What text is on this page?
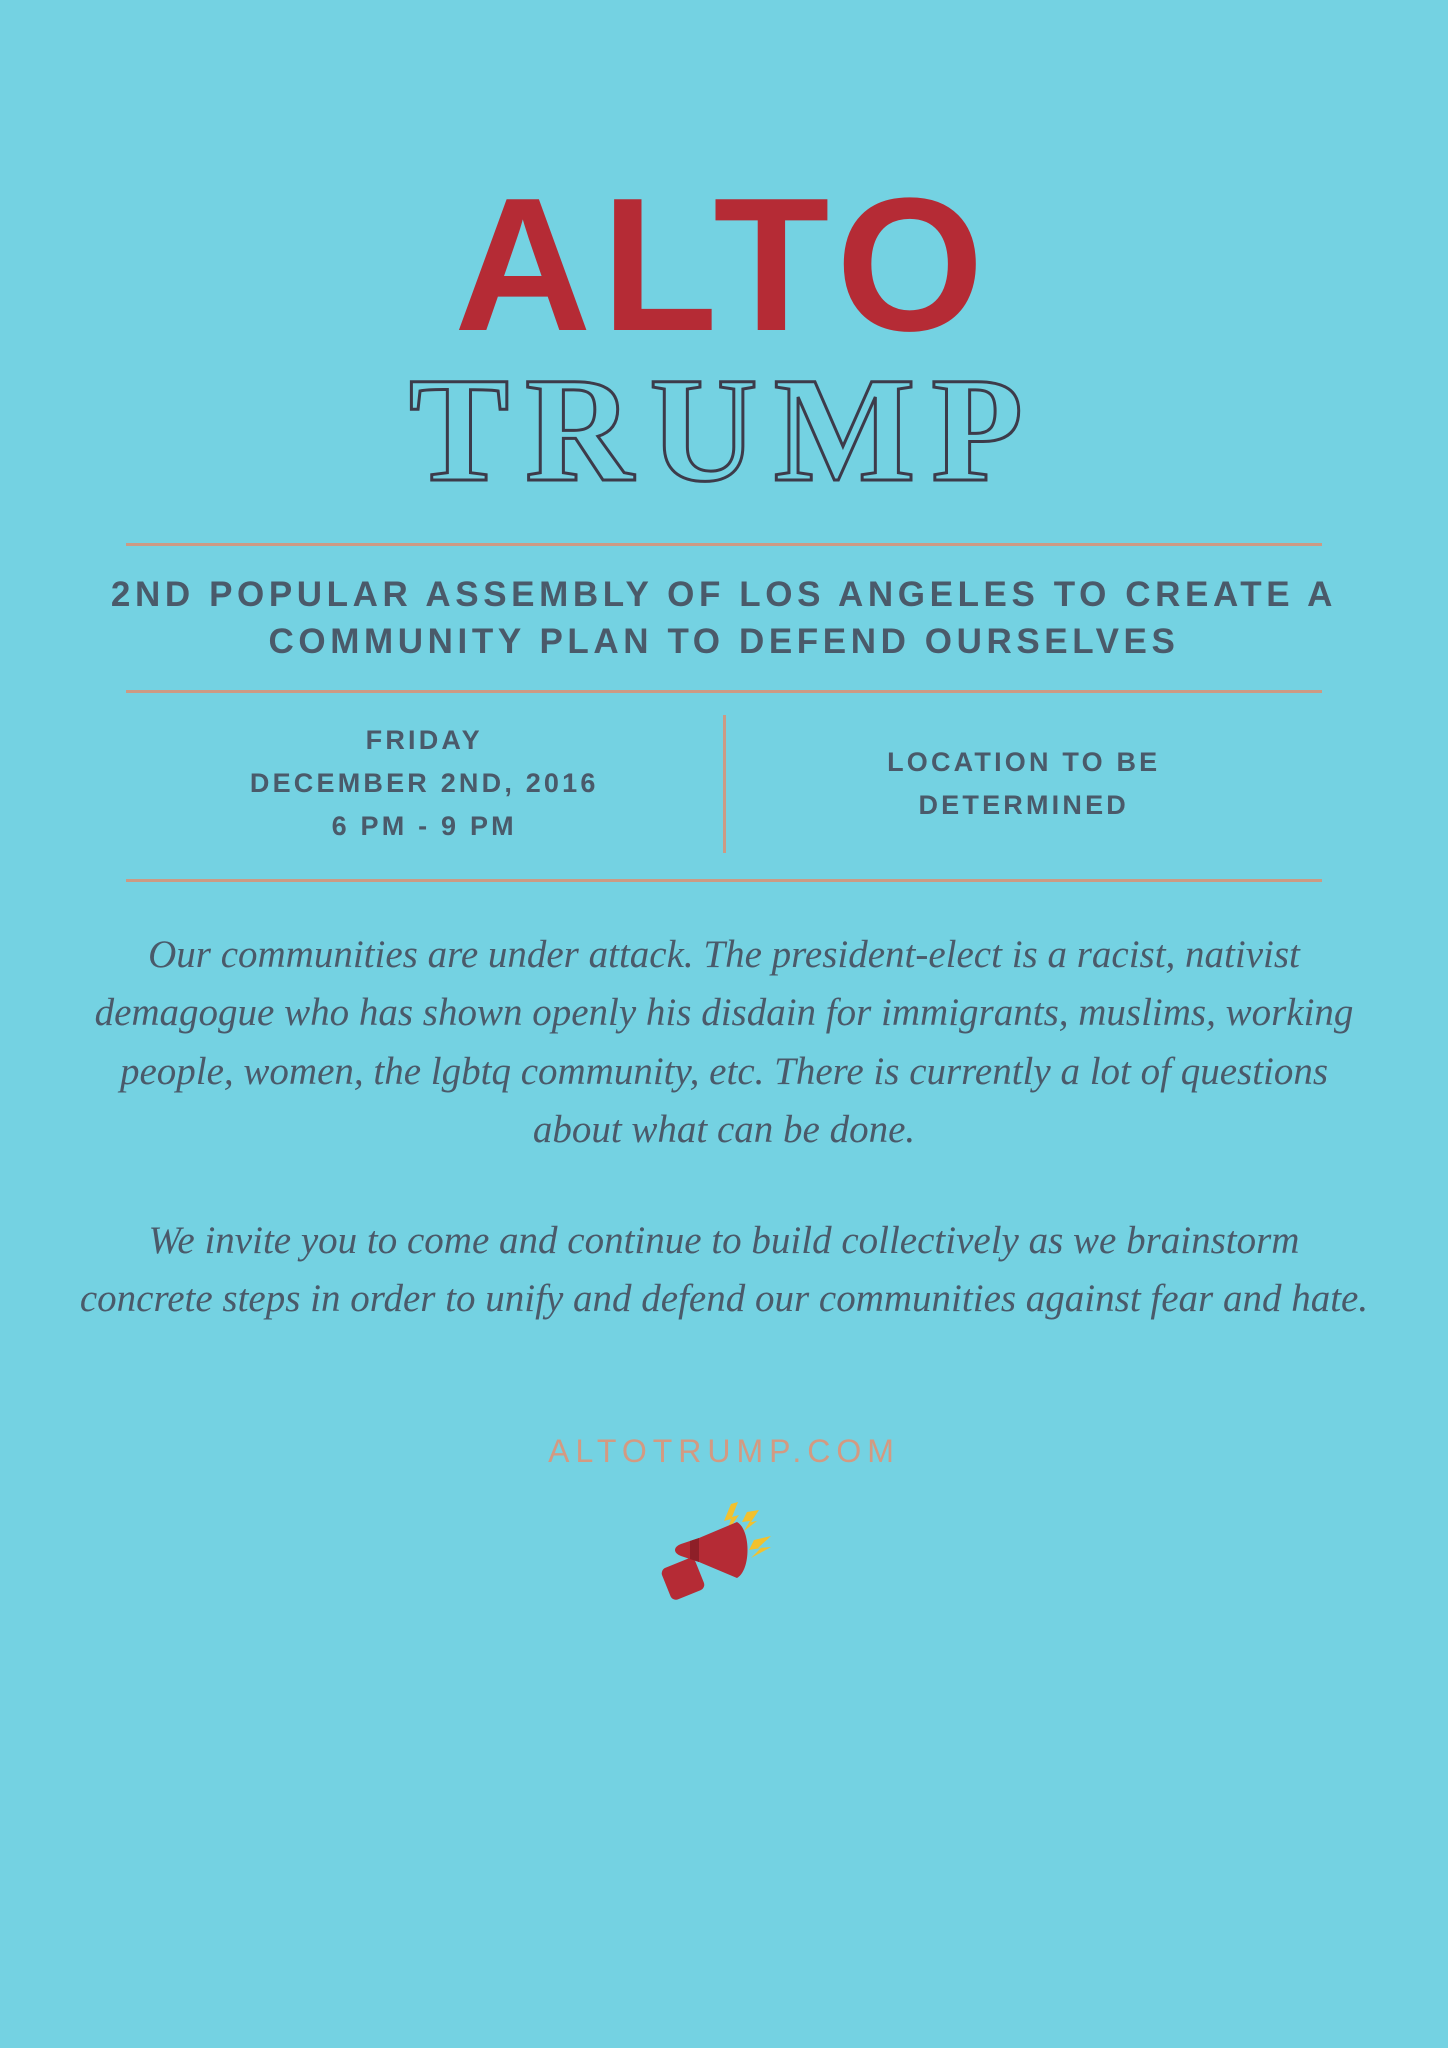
ALTO
TRUMP
2ND POPULAR ASSEMBLY OF LOS ANGELES TO CREATE A COMMUNITY PLAN TO DEFEND OURSELVES
FRIDAY
DECEMBER 2ND, 2016
6 PM - 9 PM
LOCATION TO BE
DETERMINED

Our communities are under attack. The president-elect is a racist, nativist demagogue who has shown openly his disdain for immigrants, muslims, working people, women, the lgbtq community, etc. There is currently a lot of questions about what can be done.

We invite you to come and continue to build collectively as we brainstorm concrete steps in order to unify and defend our communities against fear and hate.

ALTOTRUMP.COM
